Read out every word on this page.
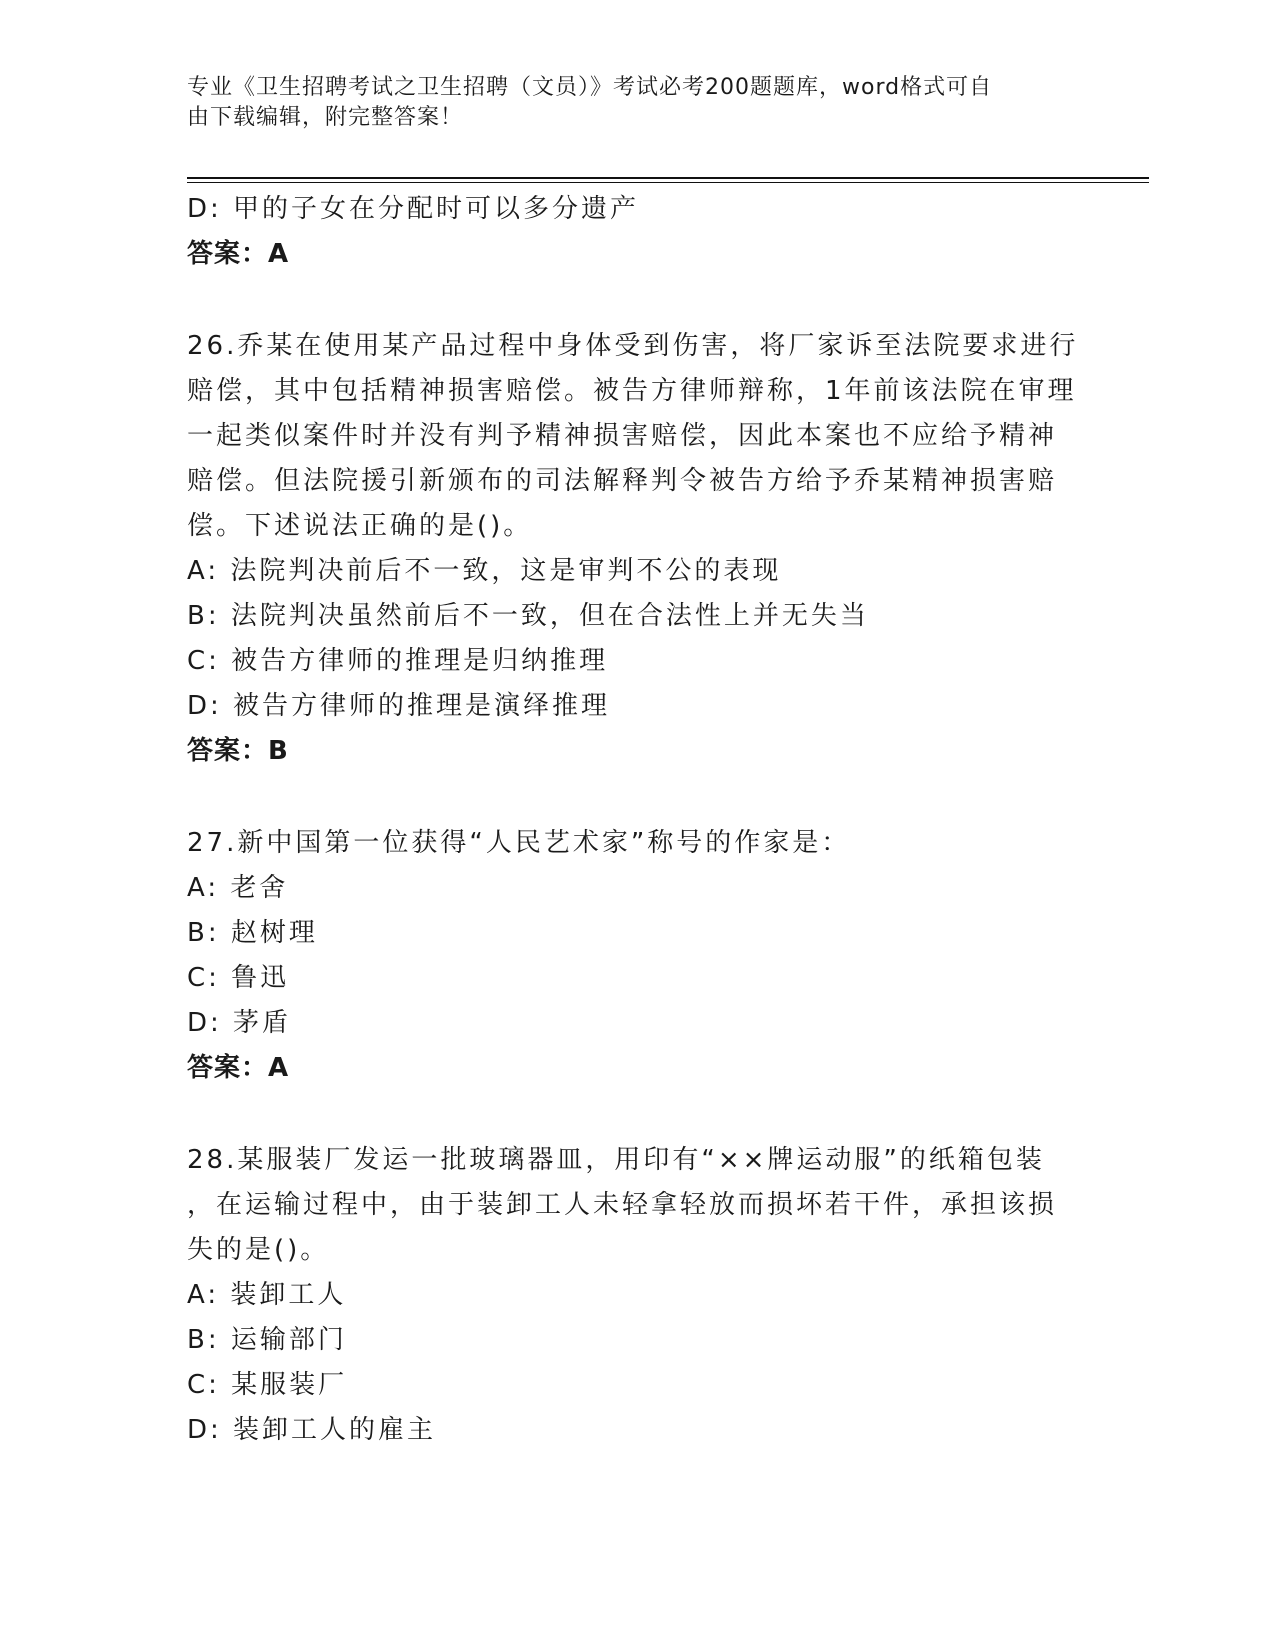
专业《卫生招聘考试之卫生招聘（文员）》考试必考200题题库，word格式可自
由下载编辑，附完整答案！

D: 甲的子女在分配时可以多分遗产

答案：A

26.乔某在使用某产品过程中身体受到伤害，将厂家诉至法院要求进行

赔偿，其中包括精神损害赔偿。被告方律师辩称，1年前该法院在审理

一起类似案件时并没有判予精神损害赔偿，因此本案也不应给予精神

赔偿。但法院援引新颁布的司法解释判令被告方给予乔某精神损害赔

偿。下述说法正确的是()。

A: 法院判决前后不一致，这是审判不公的表现

B: 法院判决虽然前后不一致，但在合法性上并无失当

C: 被告方律师的推理是归纳推理

D: 被告方律师的推理是演绎推理

答案：B

27.新中国第一位获得“人民艺术家”称号的作家是：

A: 老舍

B: 赵树理

C: 鲁迅

D: 茅盾

答案：A

28.某服装厂发运一批玻璃器皿，用印有“××牌运动服”的纸箱包装

，在运输过程中，由于装卸工人未轻拿轻放而损坏若干件，承担该损

失的是()。

A: 装卸工人

B: 运输部门

C: 某服装厂

D: 装卸工人的雇主
